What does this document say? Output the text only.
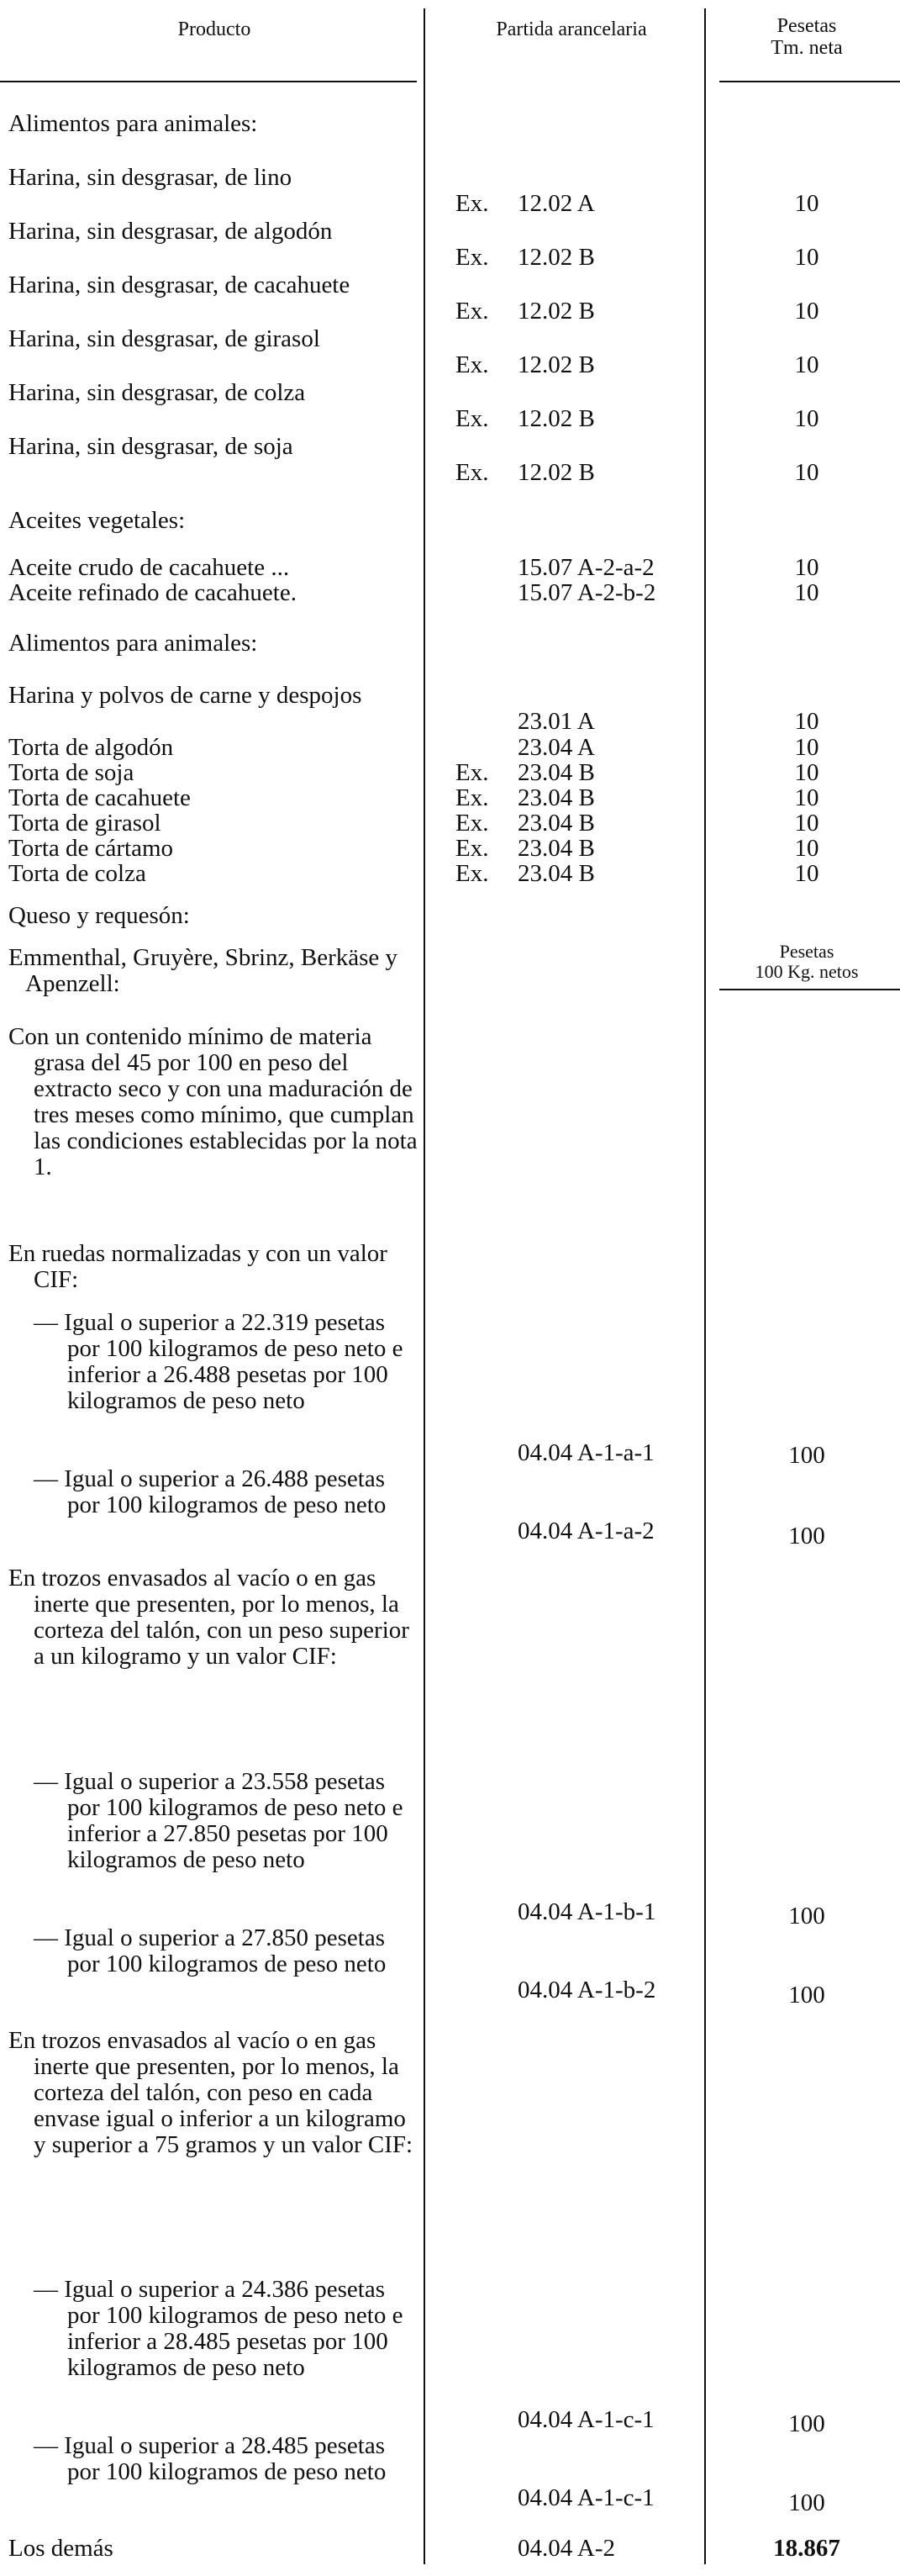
Producto	Partida arancelaria	Pesetas
Tm. neta
Alimentos para animales:
Harina, sin desgrasar, de lino
Ex. 12.02 A	10
Harina, sin desgrasar, de algodón
Ex. 12.02 B	10
Harina, sin desgrasar, de cacahuete
Ex. 12.02 B	10
Harina, sin desgrasar, de girasol
Ex. 12.02 B	10
Harina, sin desgrasar, de colza
Ex. 12.02 B	10
Harina, sin desgrasar, de soja
Ex. 12.02 B	10
Aceites vegetales:
Aceite crudo de cacahuete ...	15.07 A-2-a-2	10
Aceite refinado de cacahuete.	15.07 A-2-b-2	10
Alimentos para animales:
Harina y polvos de carne y despojos
23.01 A	10
Torta de algodón	23.04 A	10
Torta de soja	Ex. 23.04 B	10
Torta de cacahuete	Ex. 23.04 B	10
Torta de girasol	Ex. 23.04 B	10
Torta de cártamo	Ex. 23.04 B	10
Torta de colza	Ex. 23.04 B	10
Queso y requesón:
Emmenthal, Gruyère, Sbrinz, Berkäse y Apenzell:
Pesetas
100 Kg. netos
Con un contenido mínimo de materia grasa del 45 por 100 en peso del extracto seco y con una maduración de tres meses como mínimo, que cumplan las condiciones establecidas por la nota 1.
En ruedas normalizadas y con un valor CIF:
— Igual o superior a 22.319 pesetas por 100 kilogramos de peso neto e inferior a 26.488 pesetas por 100 kilogramos de peso neto
04.04 A-1-a-1	100
— Igual o superior a 26.488 pesetas por 100 kilogramos de peso neto
04.04 A-1-a-2	100
En trozos envasados al vacío o en gas inerte que presenten, por lo menos, la corteza del talón, con un peso superior a un kilogramo y un valor CIF:
— Igual o superior a 23.558 pesetas por 100 kilogramos de peso neto e inferior a 27.850 pesetas por 100 kilogramos de peso neto
04.04 A-1-b-1	100
— Igual o superior a 27.850 pesetas por 100 kilogramos de peso neto
04.04 A-1-b-2	100
En trozos envasados al vacío o en gas inerte que presenten, por lo menos, la corteza del talón, con peso en cada envase igual o inferior a un kilogramo y superior a 75 gramos y un valor CIF:
— Igual o superior a 24.386 pesetas por 100 kilogramos de peso neto e inferior a 28.485 pesetas por 100 kilogramos de peso neto
04.04 A-1-c-1	100
— Igual o superior a 28.485 pesetas por 100 kilogramos de peso neto
04.04 A-1-c-1	100
Los demás	04.04 A-2	18.867
